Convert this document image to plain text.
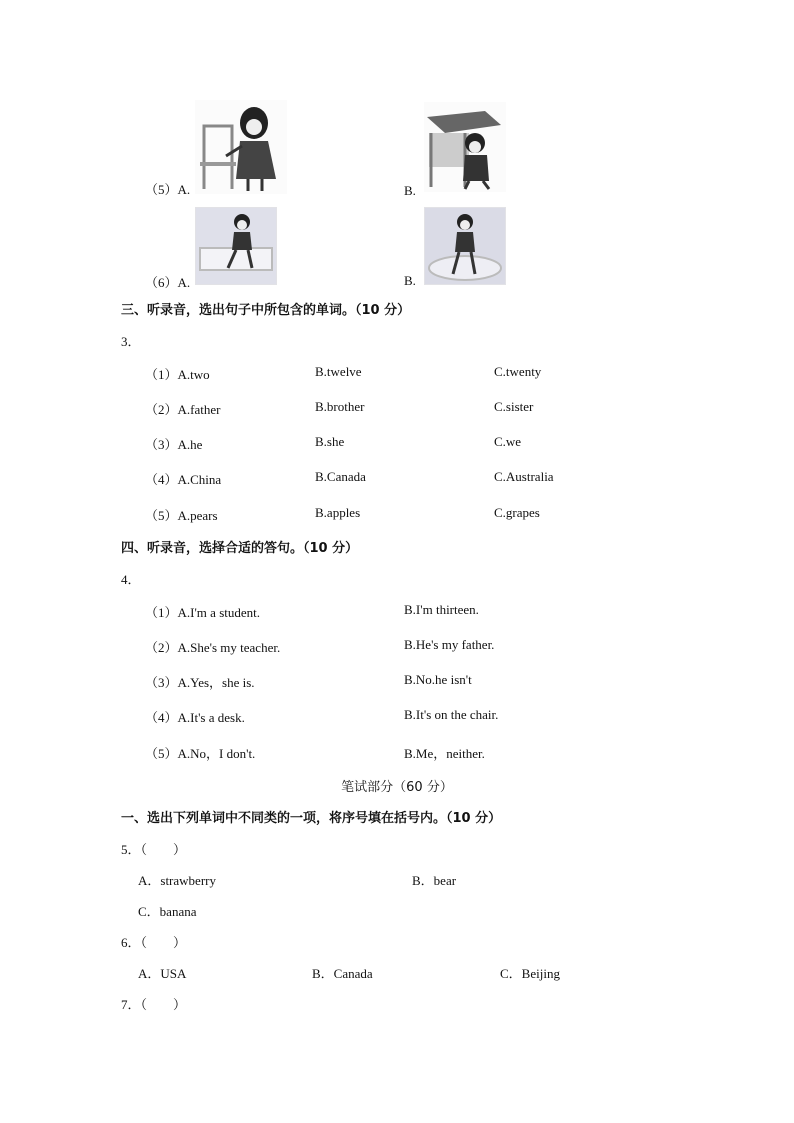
（5）A.	B.
（6）A.	B.
三、听录音，选出句子中所包含的单词。（10 分）
3．
（1）A.two	B.twelve	C.twenty
（2）A.father	B.brother	C.sister
（3）A.he	B.she	C.we
（4）A.China	B.Canada	C.Australia
（5）A.pears	B.apples	C.grapes
四、听录音，选择合适的答句。（10 分）
4．
（1）A.I'm a student.	B.I'm thirteen.
（2）A.She's my teacher.	B.He's my father.
（3）A.Yes，she is.	B.No.he isn't
（4）A.It's a desk.	B.It's on the chair.
（5）A.No，I don't.	B.Me，neither.
笔试部分（60 分）
一、选出下列单词中不同类的一项，将序号填在括号内。（10 分）
5．（　　）
A．strawberry	B．bear
C．banana
6．（　　）
A．USA	B．Canada	C．Beijing
7．（　　）
